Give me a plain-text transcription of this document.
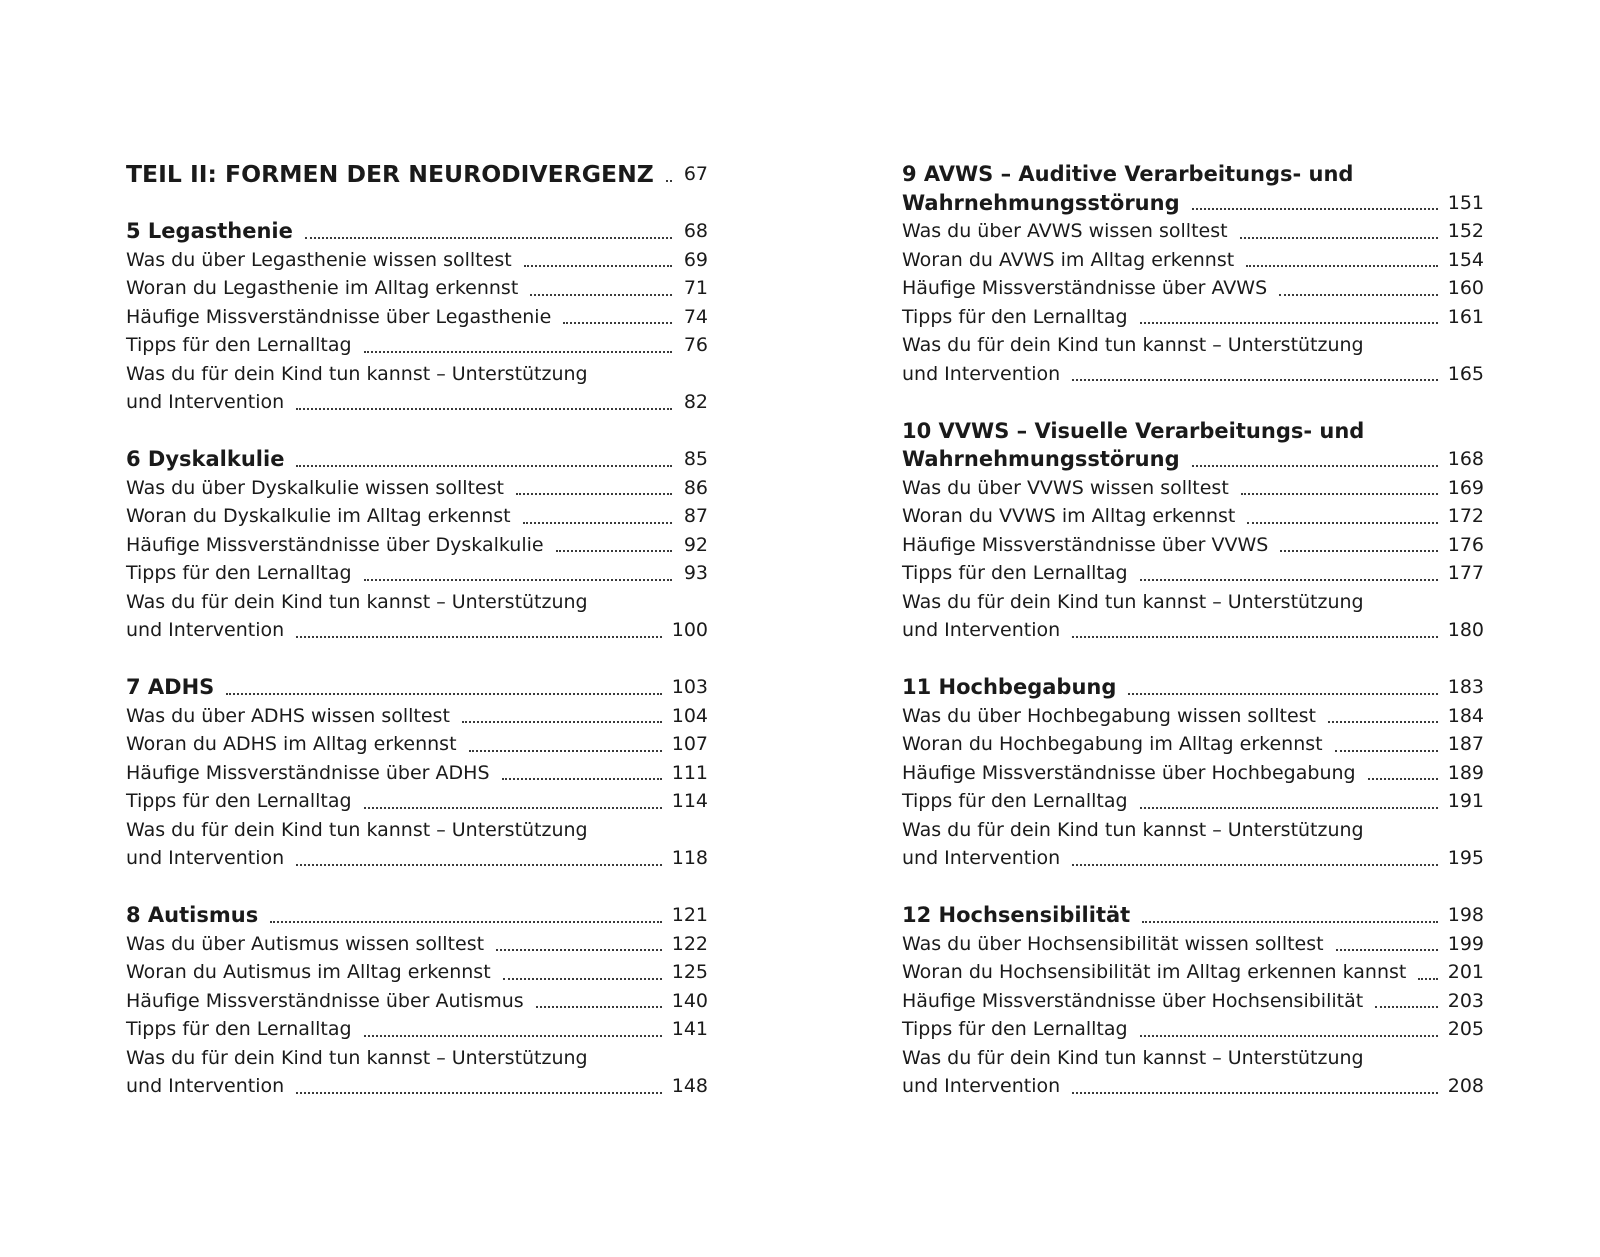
TEIL II: FORMEN DER NEURODIVERGENZ 67
5 Legasthenie	68
Was du über Legasthenie wissen solltest	69
Woran du Legasthenie im Alltag erkennst	71
Häufige Missverständnisse über Legasthenie	74
Tipps für den Lernalltag	76
Was du für dein Kind tun kannst – Unterstützung
und Intervention	82
6 Dyskalkulie	85
Was du über Dyskalkulie wissen solltest	86
Woran du Dyskalkulie im Alltag erkennst	87
Häufige Missverständnisse über Dyskalkulie	92
Tipps für den Lernalltag	93
Was du für dein Kind tun kannst – Unterstützung
und Intervention	100
7 ADHS	103
Was du über ADHS wissen solltest	104
Woran du ADHS im Alltag erkennst	107
Häufige Missverständnisse über ADHS	111
Tipps für den Lernalltag	114
Was du für dein Kind tun kannst – Unterstützung
und Intervention	118
8 Autismus	121
Was du über Autismus wissen solltest	122
Woran du Autismus im Alltag erkennst	125
Häufige Missverständnisse über Autismus	140
Tipps für den Lernalltag	141
Was du für dein Kind tun kannst – Unterstützung
und Intervention	148
9 AVWS – Auditive Verarbeitungs- und
Wahrnehmungsstörung	151
Was du über AVWS wissen solltest	152
Woran du AVWS im Alltag erkennst	154
Häufige Missverständnisse über AVWS	160
Tipps für den Lernalltag	161
Was du für dein Kind tun kannst – Unterstützung
und Intervention	165
10 VVWS – Visuelle Verarbeitungs- und
Wahrnehmungsstörung	168
Was du über VVWS wissen solltest	169
Woran du VVWS im Alltag erkennst	172
Häufige Missverständnisse über VVWS	176
Tipps für den Lernalltag	177
Was du für dein Kind tun kannst – Unterstützung
und Intervention	180
11 Hochbegabung	183
Was du über Hochbegabung wissen solltest	184
Woran du Hochbegabung im Alltag erkennst	187
Häufige Missverständnisse über Hochbegabung	189
Tipps für den Lernalltag	191
Was du für dein Kind tun kannst – Unterstützung
und Intervention	195
12 Hochsensibilität	198
Was du über Hochsensibilität wissen solltest	199
Woran du Hochsensibilität im Alltag erkennen kannst 201
Häufige Missverständnisse über Hochsensibilität	203
Tipps für den Lernalltag	205
Was du für dein Kind tun kannst – Unterstützung
und Intervention	208
